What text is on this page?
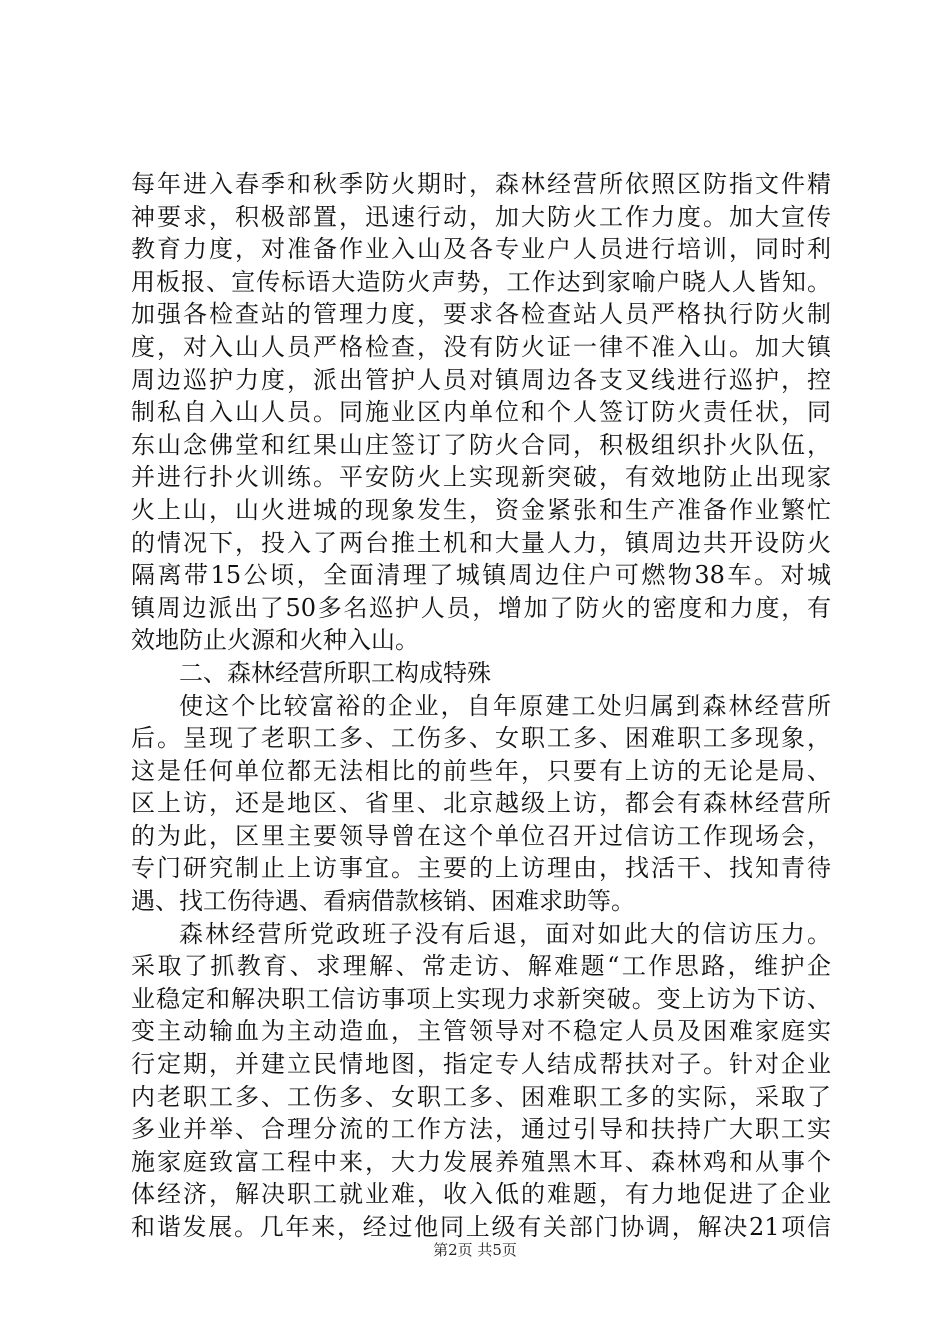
每年进入春季和秋季防火期时，森林经营所依照区防指文件精
神要求，积极部置，迅速行动，加大防火工作力度。加大宣传
教育力度，对准备作业入山及各专业户人员进行培训，同时利
用板报、宣传标语大造防火声势，工作达到家喻户晓人人皆知。
加强各检查站的管理力度，要求各检查站人员严格执行防火制
度，对入山人员严格检查，没有防火证一律不准入山。加大镇
周边巡护力度，派出管护人员对镇周边各支叉线进行巡护，控
制私自入山人员。同施业区内单位和个人签订防火责任状，同
东山念佛堂和红果山庄签订了防火合同，积极组织扑火队伍，
并进行扑火训练。平安防火上实现新突破，有效地防止出现家
火上山，山火进城的现象发生，资金紧张和生产准备作业繁忙
的情况下，投入了两台推土机和大量人力，镇周边共开设防火
隔离带15公顷，全面清理了城镇周边住户可燃物38车。对城
镇周边派出了50多名巡护人员，增加了防火的密度和力度，有
效地防止火源和火种入山。
二、森林经营所职工构成特殊
使这个比较富裕的企业，自年原建工处归属到森林经营所
后。呈现了老职工多、工伤多、女职工多、困难职工多现象，
这是任何单位都无法相比的前些年，只要有上访的无论是局、
区上访，还是地区、省里、北京越级上访，都会有森林经营所
的为此，区里主要领导曾在这个单位召开过信访工作现场会，
专门研究制止上访事宜。主要的上访理由，找活干、找知青待
遇、找工伤待遇、看病借款核销、困难求助等。
森林经营所党政班子没有后退，面对如此大的信访压力。
采取了抓教育、求理解、常走访、解难题“工作思路，维护企
业稳定和解决职工信访事项上实现力求新突破。变上访为下访、
变主动输血为主动造血，主管领导对不稳定人员及困难家庭实
行定期，并建立民情地图，指定专人结成帮扶对子。针对企业
内老职工多、工伤多、女职工多、困难职工多的实际，采取了
多业并举、合理分流的工作方法，通过引导和扶持广大职工实
施家庭致富工程中来，大力发展养殖黑木耳、森林鸡和从事个
体经济，解决职工就业难，收入低的难题，有力地促进了企业
和谐发展。几年来，经过他同上级有关部门协调，解决21项信
第2页 共5页
